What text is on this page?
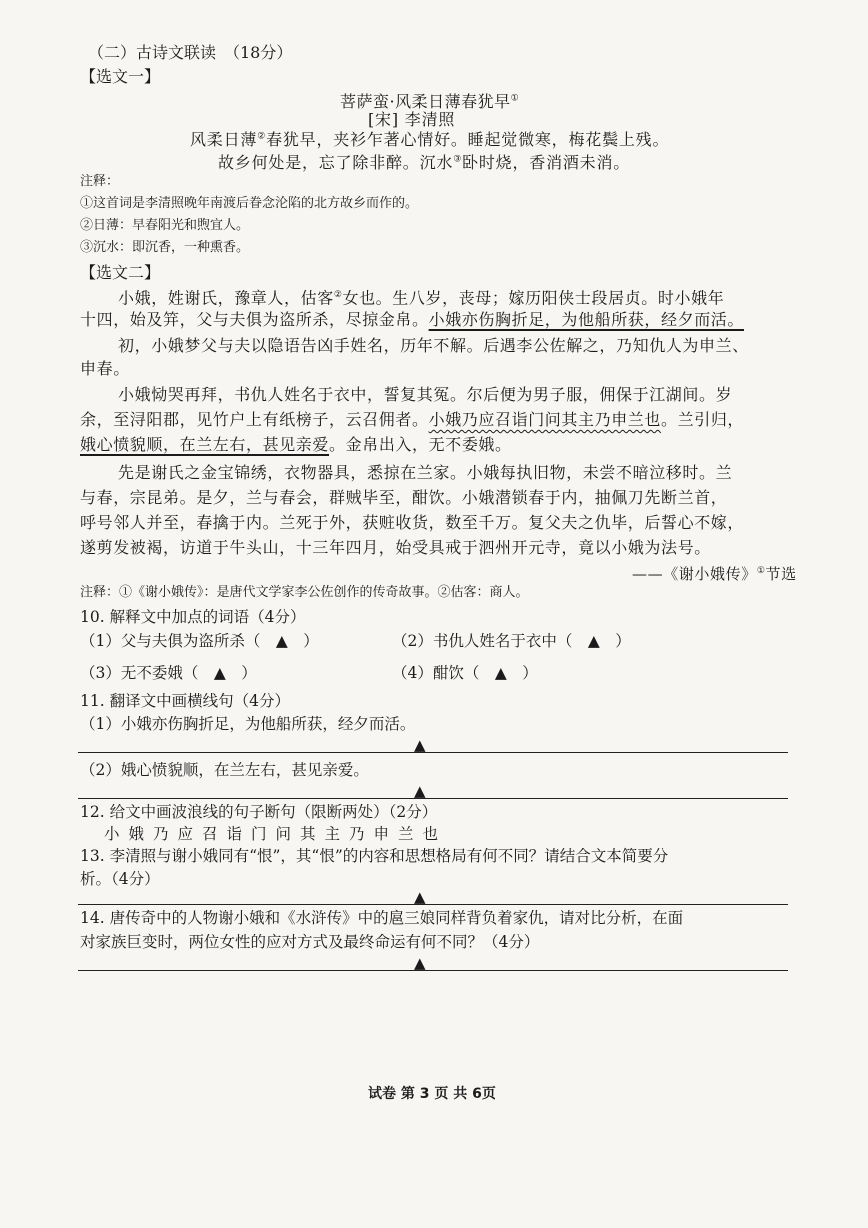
（二）古诗文联读　（18分）
【选文一】
菩萨蛮·风柔日薄春犹早①
[宋] 李清照
风柔日薄②春犹早，夹衫乍著心情好。睡起觉微寒，梅花鬓上残。
故乡何处是，忘了除非醉。沉水③卧时烧，香消酒未消。
注释：
①这首词是李清照晚年南渡后眷念沦陷的北方故乡而作的。
②日薄：早春阳光和煦宜人。
③沉水：即沉香，一种熏香。
【选文二】
小娥，姓谢氏，豫章人，估客②女也。生八岁，丧母；嫁历阳侠士段居贞。时小娥年
十四，始及笄，父与夫俱为盗所杀，尽掠金帛。小娥亦伤胸折足，为他船所获，经夕而活。
初，小娥梦父与夫以隐语告凶手姓名，历年不解。后遇李公佐解之，乃知仇人为申兰、
申春。
小娥恸哭再拜，书仇人姓名于衣中，誓复其冤。尔后便为男子服，佣保于江湖间。岁
余，至浔阳郡，见竹户上有纸榜子，云召佣者。小娥乃应召诣门问其主乃申兰也。兰引归，
娥心愤貌顺，在兰左右，甚见亲爱。金帛出入，无不委娥。
先是谢氏之金宝锦绣，衣物器具，悉掠在兰家。小娥每执旧物，未尝不暗泣移时。兰
与春，宗昆弟。是夕，兰与春会，群贼毕至，酣饮。小娥潜锁春于内，抽佩刀先断兰首，
呼号邻人并至，春擒于内。兰死于外，获赃收货，数至千万。复父夫之仇毕，后誓心不嫁，
遂剪发被褐，访道于牛头山，十三年四月，始受具戒于泗州开元寺，竟以小娥为法号。
——《谢小娥传》①节选
注释：①《谢小娥传》：是唐代文学家李公佐创作的传奇故事。②估客：商人。
10. 解释文中加点的词语（4分）
（1）父与夫俱为盗所杀（　▲　）	（2）书仇人姓名于衣中（　▲　）
（3）无不委娥（　▲　）	（4）酣饮（　▲　）
11. 翻译文中画横线句（4分）
（1）小娥亦伤胸折足，为他船所获，经夕而活。
▲
（2）娥心愤貌顺，在兰左右，甚见亲爱。
▲
12. 给文中画波浪线的句子断句（限断两处）（2分）
小娥乃应召诣门问其主乃申兰也
13. 李清照与谢小娥同有“恨”，其“恨”的内容和思想格局有何不同？请结合文本简要分
析。（4分）
▲
14. 唐传奇中的人物谢小娥和《水浒传》中的扈三娘同样背负着家仇，请对比分析，在面
对家族巨变时，两位女性的应对方式及最终命运有何不同？（4分）
▲
试卷 第 3 页 共 6页
